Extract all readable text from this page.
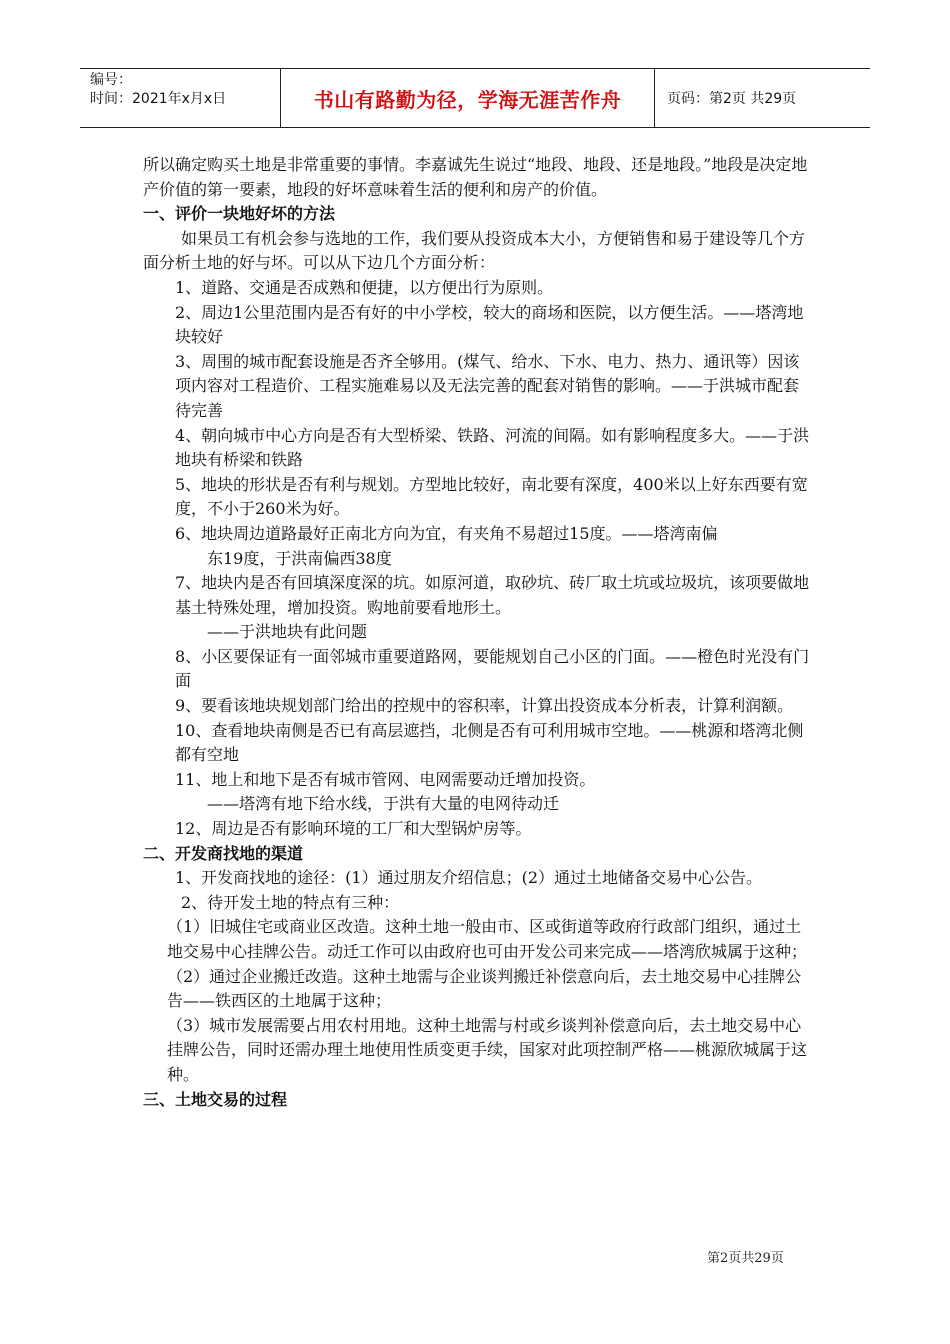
编号：
时间：2021年x月x日	书山有路勤为径，学海无涯苦作舟	页码：第2页 共29页

所以确定购买土地是非常重要的事情。李嘉诚先生说过“地段、地段、还是地段。”地段是决定地产价值的第一要素，地段的好坏意味着生活的便利和房产的价值。

一、评价一块地好坏的方法

如果员工有机会参与选地的工作，我们要从投资成本大小，方便销售和易于建设等几个方面分析土地的好与坏。可以从下边几个方面分析：

1、道路、交通是否成熟和便捷，以方便出行为原则。

2、周边1公里范围内是否有好的中小学校，较大的商场和医院，以方便生活。——塔湾地块较好

3、周围的城市配套设施是否齐全够用。(煤气、给水、下水、电力、热力、通讯等）因该项内容对工程造价、工程实施难易以及无法完善的配套对销售的影响。——于洪城市配套待完善

4、朝向城市中心方向是否有大型桥梁、铁路、河流的间隔。如有影响程度多大。——于洪地块有桥梁和铁路

5、地块的形状是否有利与规划。方型地比较好，南北要有深度，400米以上好东西要有宽度，不小于260米为好。

6、地块周边道路最好正南北方向为宜，有夹角不易超过15度。——塔湾南偏

东19度，于洪南偏西38度

7、地块内是否有回填深度深的坑。如原河道，取砂坑、砖厂取土坑或垃圾坑，该项要做地基土特殊处理，增加投资。购地前要看地形土。

——于洪地块有此问题

8、小区要保证有一面邻城市重要道路网，要能规划自己小区的门面。——橙色时光没有门面

9、要看该地块规划部门给出的控规中的容积率，计算出投资成本分析表，计算利润额。

10、查看地块南侧是否已有高层遮挡，北侧是否有可利用城市空地。——桃源和塔湾北侧都有空地

11、地上和地下是否有城市管网、电网需要动迁增加投资。

——塔湾有地下给水线，于洪有大量的电网待动迁

12、周边是否有影响环境的工厂和大型锅炉房等。

二、开发商找地的渠道

1、开发商找地的途径：(1）通过朋友介绍信息；(2）通过土地储备交易中心公告。

2、待开发土地的特点有三种：

（1）旧城住宅或商业区改造。这种土地一般由市、区或街道等政府行政部门组织，通过土地交易中心挂牌公告。动迁工作可以由政府也可由开发公司来完成——塔湾欣城属于这种；

（2）通过企业搬迁改造。这种土地需与企业谈判搬迁补偿意向后，去土地交易中心挂牌公告——铁西区的土地属于这种；

（3）城市发展需要占用农村用地。这种土地需与村或乡谈判补偿意向后，去土地交易中心挂牌公告，同时还需办理土地使用性质变更手续，国家对此项控制严格——桃源欣城属于这种。

三、土地交易的过程

第2页共29页
